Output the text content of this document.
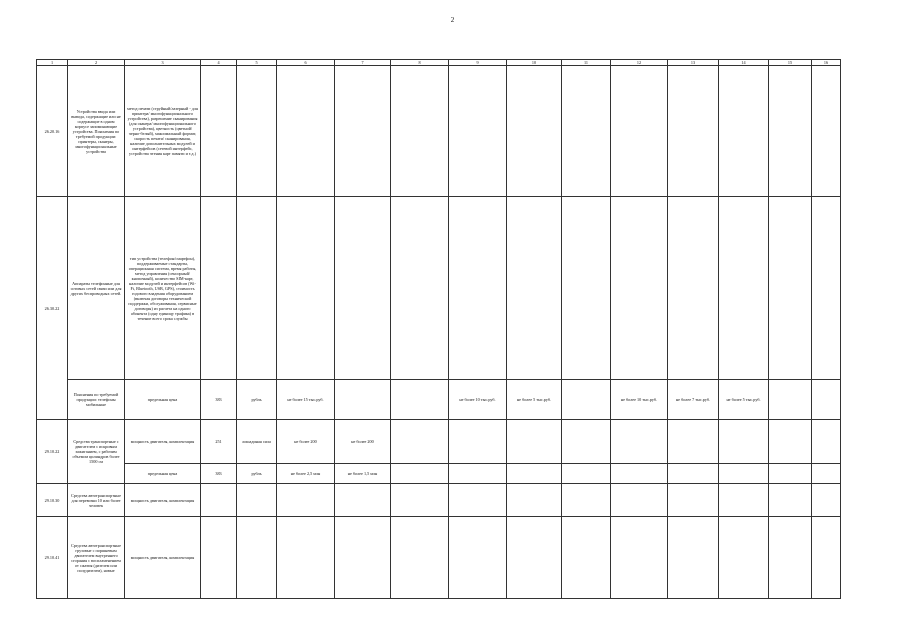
2
1	2	3	4	5	6	7	8	9	10	11	12	13	14	15	16
26.20.16	Устройства ввода или вывода, содержащие или не содержащие в одном корпусе запоминающие устройства. Пояснения по требуемой продукции: принтеры, сканеры, многофункциональные устройства	метод печати (струйный/лазерный - для принтера/ многофункционального устройства), разрешение сканирования (для сканера/ многофункционального устройства), цветность (цветной/ черно-белый), максимальный формат, скорость печати/ сканирования, наличие дополнительных модулей и интерфейсов (сетевой интерфейс, устройства чтения карт памяти и т.д.)													
26.30.22	Аппараты телефонные для сотовых сетей связи или для других беспроводных сетей.	тип устройства (телефон/смартфон), поддерживаемые стандарты, операционная система, время работы, метод управления (сенсорный/ кнопочный), количество SIM-карт, наличие модулей и интерфейсов (Wi-Fi, Bluetooth, USB, GPS), стоимость годового владения оборудованием (включая договоры технической поддержки, обслуживания, сервисные договоры) из расчета на одного абонента (одну единицу трафика) в течение всего срока службы													
	Пояснения по требуемой продукции: телефоны мобильные	предельная цена	383	рубль	не более 15 тыс.руб.			не более 10 тыс.руб.	не более 5 тыс.руб.		не более 10 тыс.руб.	не более 7 тыс.руб.	не более 5 тыс.руб.		
29.10.22	Средства транспортные с двигателем с искровым зажиганием, с рабочим объемом цилиндров более 1500 см	мощность двигателя, комплектация	251	лошадиная сила	не более 200	не более 200									
		предельная цена	383	рубль	не более 2,5 млн	не более 1,5 млн									
29.10.30	Средства автотранспортные для перевозки 10 или более человек	мощность двигателя, комплектация													
29.10.41	Средства автотранспортные грузовые с поршневым двигателем внутреннего сгорания с воспламенением от сжатия (дизелем или полудизелем), новые	мощность двигателя, комплектация													
